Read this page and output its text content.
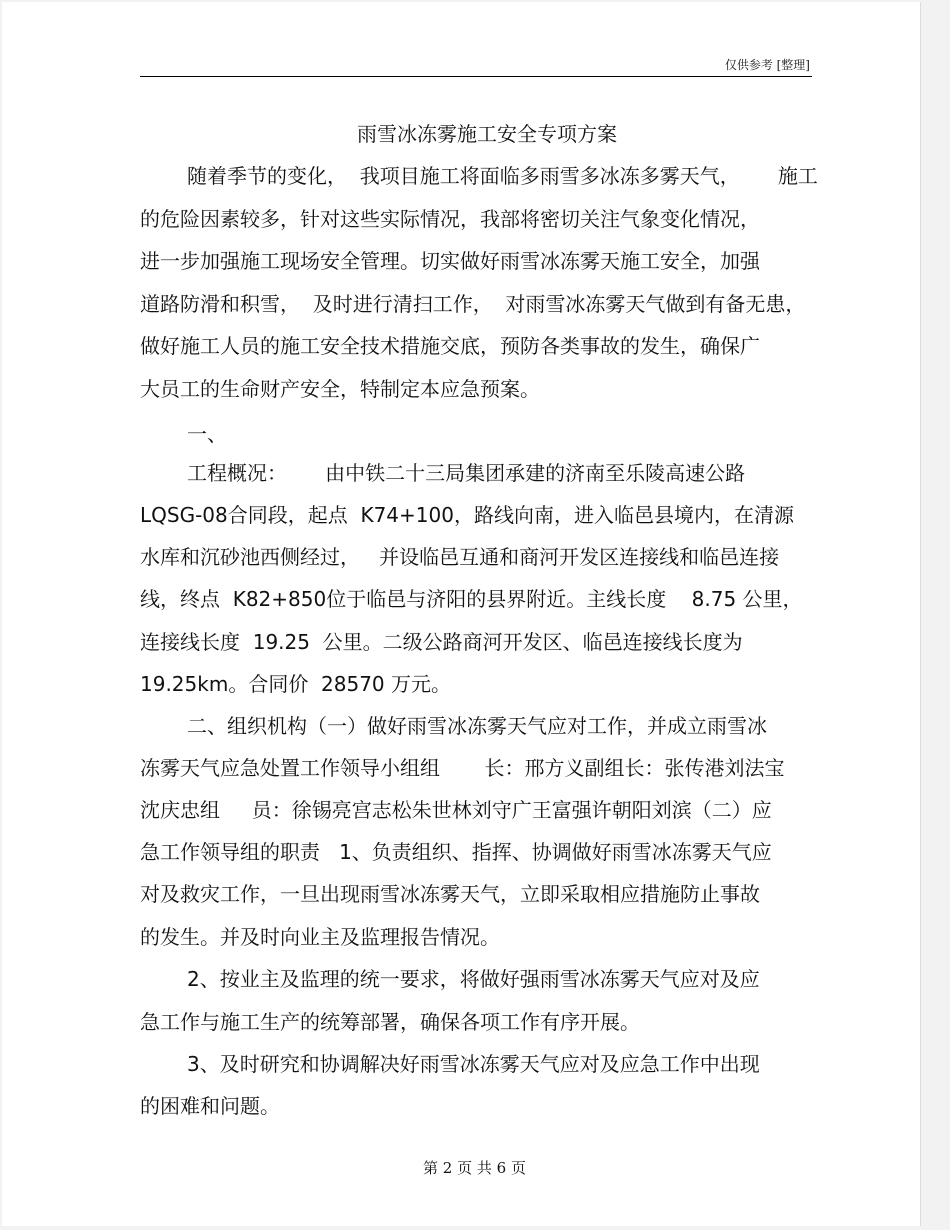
仅供参考 [整理]
雨雪冰冻雾施工安全专项方案
随着季节的变化，  我项目施工将面临多雨雪多冰冻多雾天气，      施工
的危险因素较多，针对这些实际情况，我部将密切关注气象变化情况，
进一步加强施工现场安全管理。切实做好雨雪冰冻雾天施工安全，加强
道路防滑和积雪，  及时进行清扫工作，  对雨雪冰冻雾天气做到有备无患，
做好施工人员的施工安全技术措施交底，预防各类事故的发生，确保广
大员工的生命财产安全，特制定本应急预案。
一、
工程概况：      由中铁二十三局集团承建的济南至乐陵高速公路
LQSG-08合同段，起点  K74+100，路线向南，进入临邑县境内，在清源
水库和沉砂池西侧经过，   并设临邑互通和商河开发区连接线和临邑连接
线，终点  K82+850位于临邑与济阳的县界附近。主线长度    8.75 公里，
连接线长度  19.25  公里。二级公路商河开发区、临邑连接线长度为
19.25km。合同价  28570 万元。
二、组织机构（一）做好雨雪冰冻雾天气应对工作，并成立雨雪冰
冻雾天气应急处置工作领导小组组       长：邢方义副组长：张传港刘法宝
沈庆忠组     员：徐锡亮宫志松朱世林刘守广王富强许朝阳刘滨（二）应
急工作领导组的职责   1、负责组织、指挥、协调做好雨雪冰冻雾天气应
对及救灾工作，一旦出现雨雪冰冻雾天气，立即采取相应措施防止事故
的发生。并及时向业主及监理报告情况。
2、按业主及监理的统一要求，将做好强雨雪冰冻雾天气应对及应
急工作与施工生产的统筹部署，确保各项工作有序开展。
3、及时研究和协调解决好雨雪冰冻雾天气应对及应急工作中出现
的困难和问题。
第 2 页 共 6 页
